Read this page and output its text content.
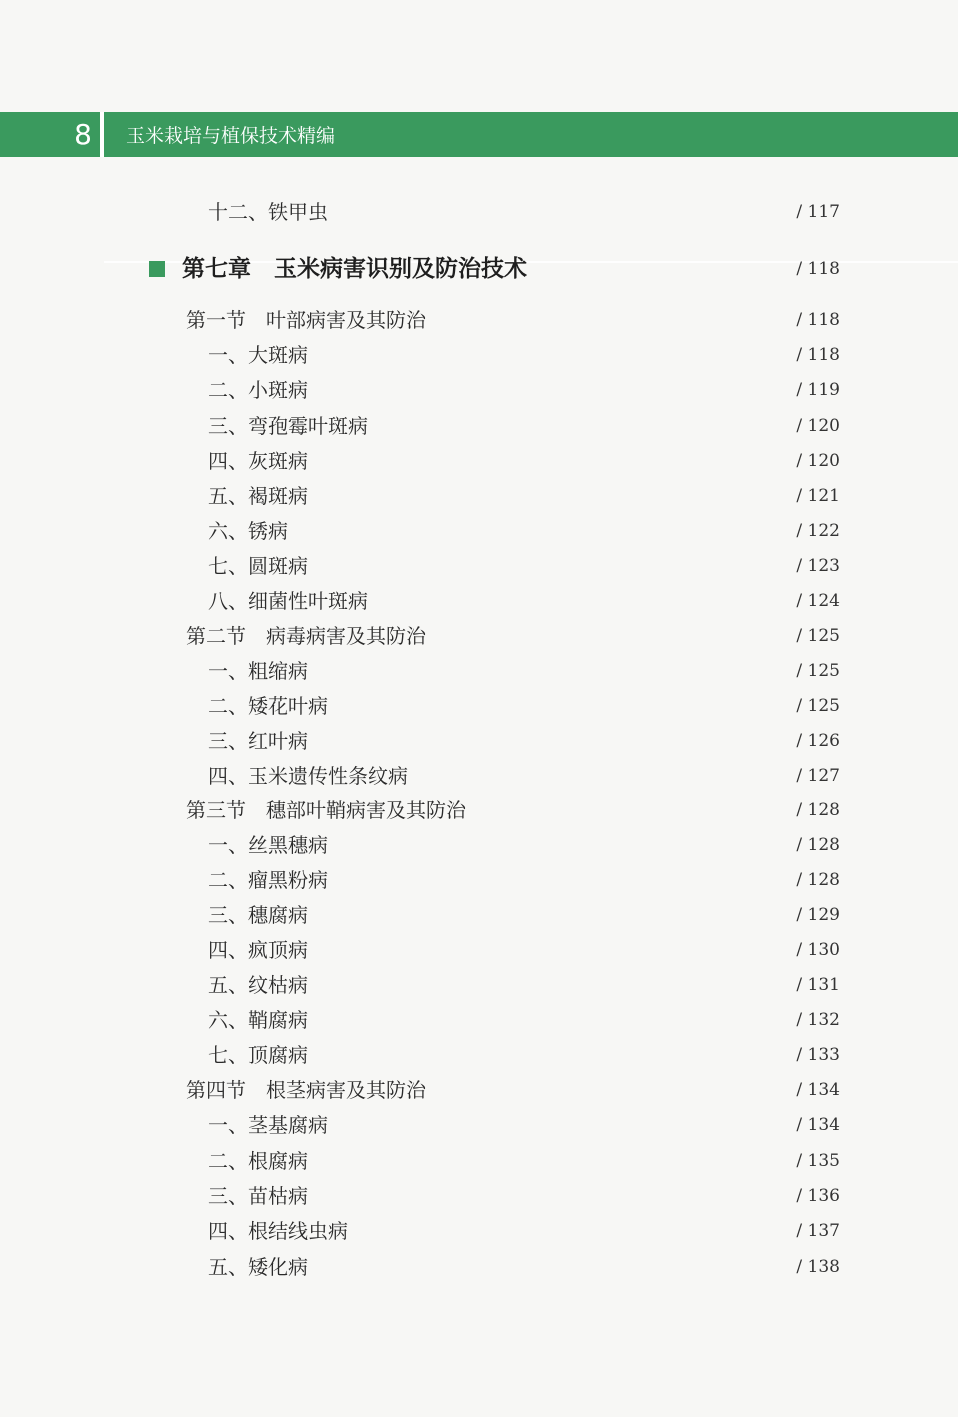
8	玉米栽培与植保技术精编
十二、铁甲虫	/ 117
第七章　玉米病害识别及防治技术	/ 118
第一节　叶部病害及其防治	/ 118
一、大斑病	/ 118
二、小斑病	/ 119
三、弯孢霉叶斑病	/ 120
四、灰斑病	/ 120
五、褐斑病	/ 121
六、锈病	/ 122
七、圆斑病	/ 123
八、细菌性叶斑病	/ 124
第二节　病毒病害及其防治	/ 125
一、粗缩病	/ 125
二、矮花叶病	/ 125
三、红叶病	/ 126
四、玉米遗传性条纹病	/ 127
第三节　穗部叶鞘病害及其防治	/ 128
一、丝黑穗病	/ 128
二、瘤黑粉病	/ 128
三、穗腐病	/ 129
四、疯顶病	/ 130
五、纹枯病	/ 131
六、鞘腐病	/ 132
七、顶腐病	/ 133
第四节　根茎病害及其防治	/ 134
一、茎基腐病	/ 134
二、根腐病	/ 135
三、苗枯病	/ 136
四、根结线虫病	/ 137
五、矮化病	/ 138
